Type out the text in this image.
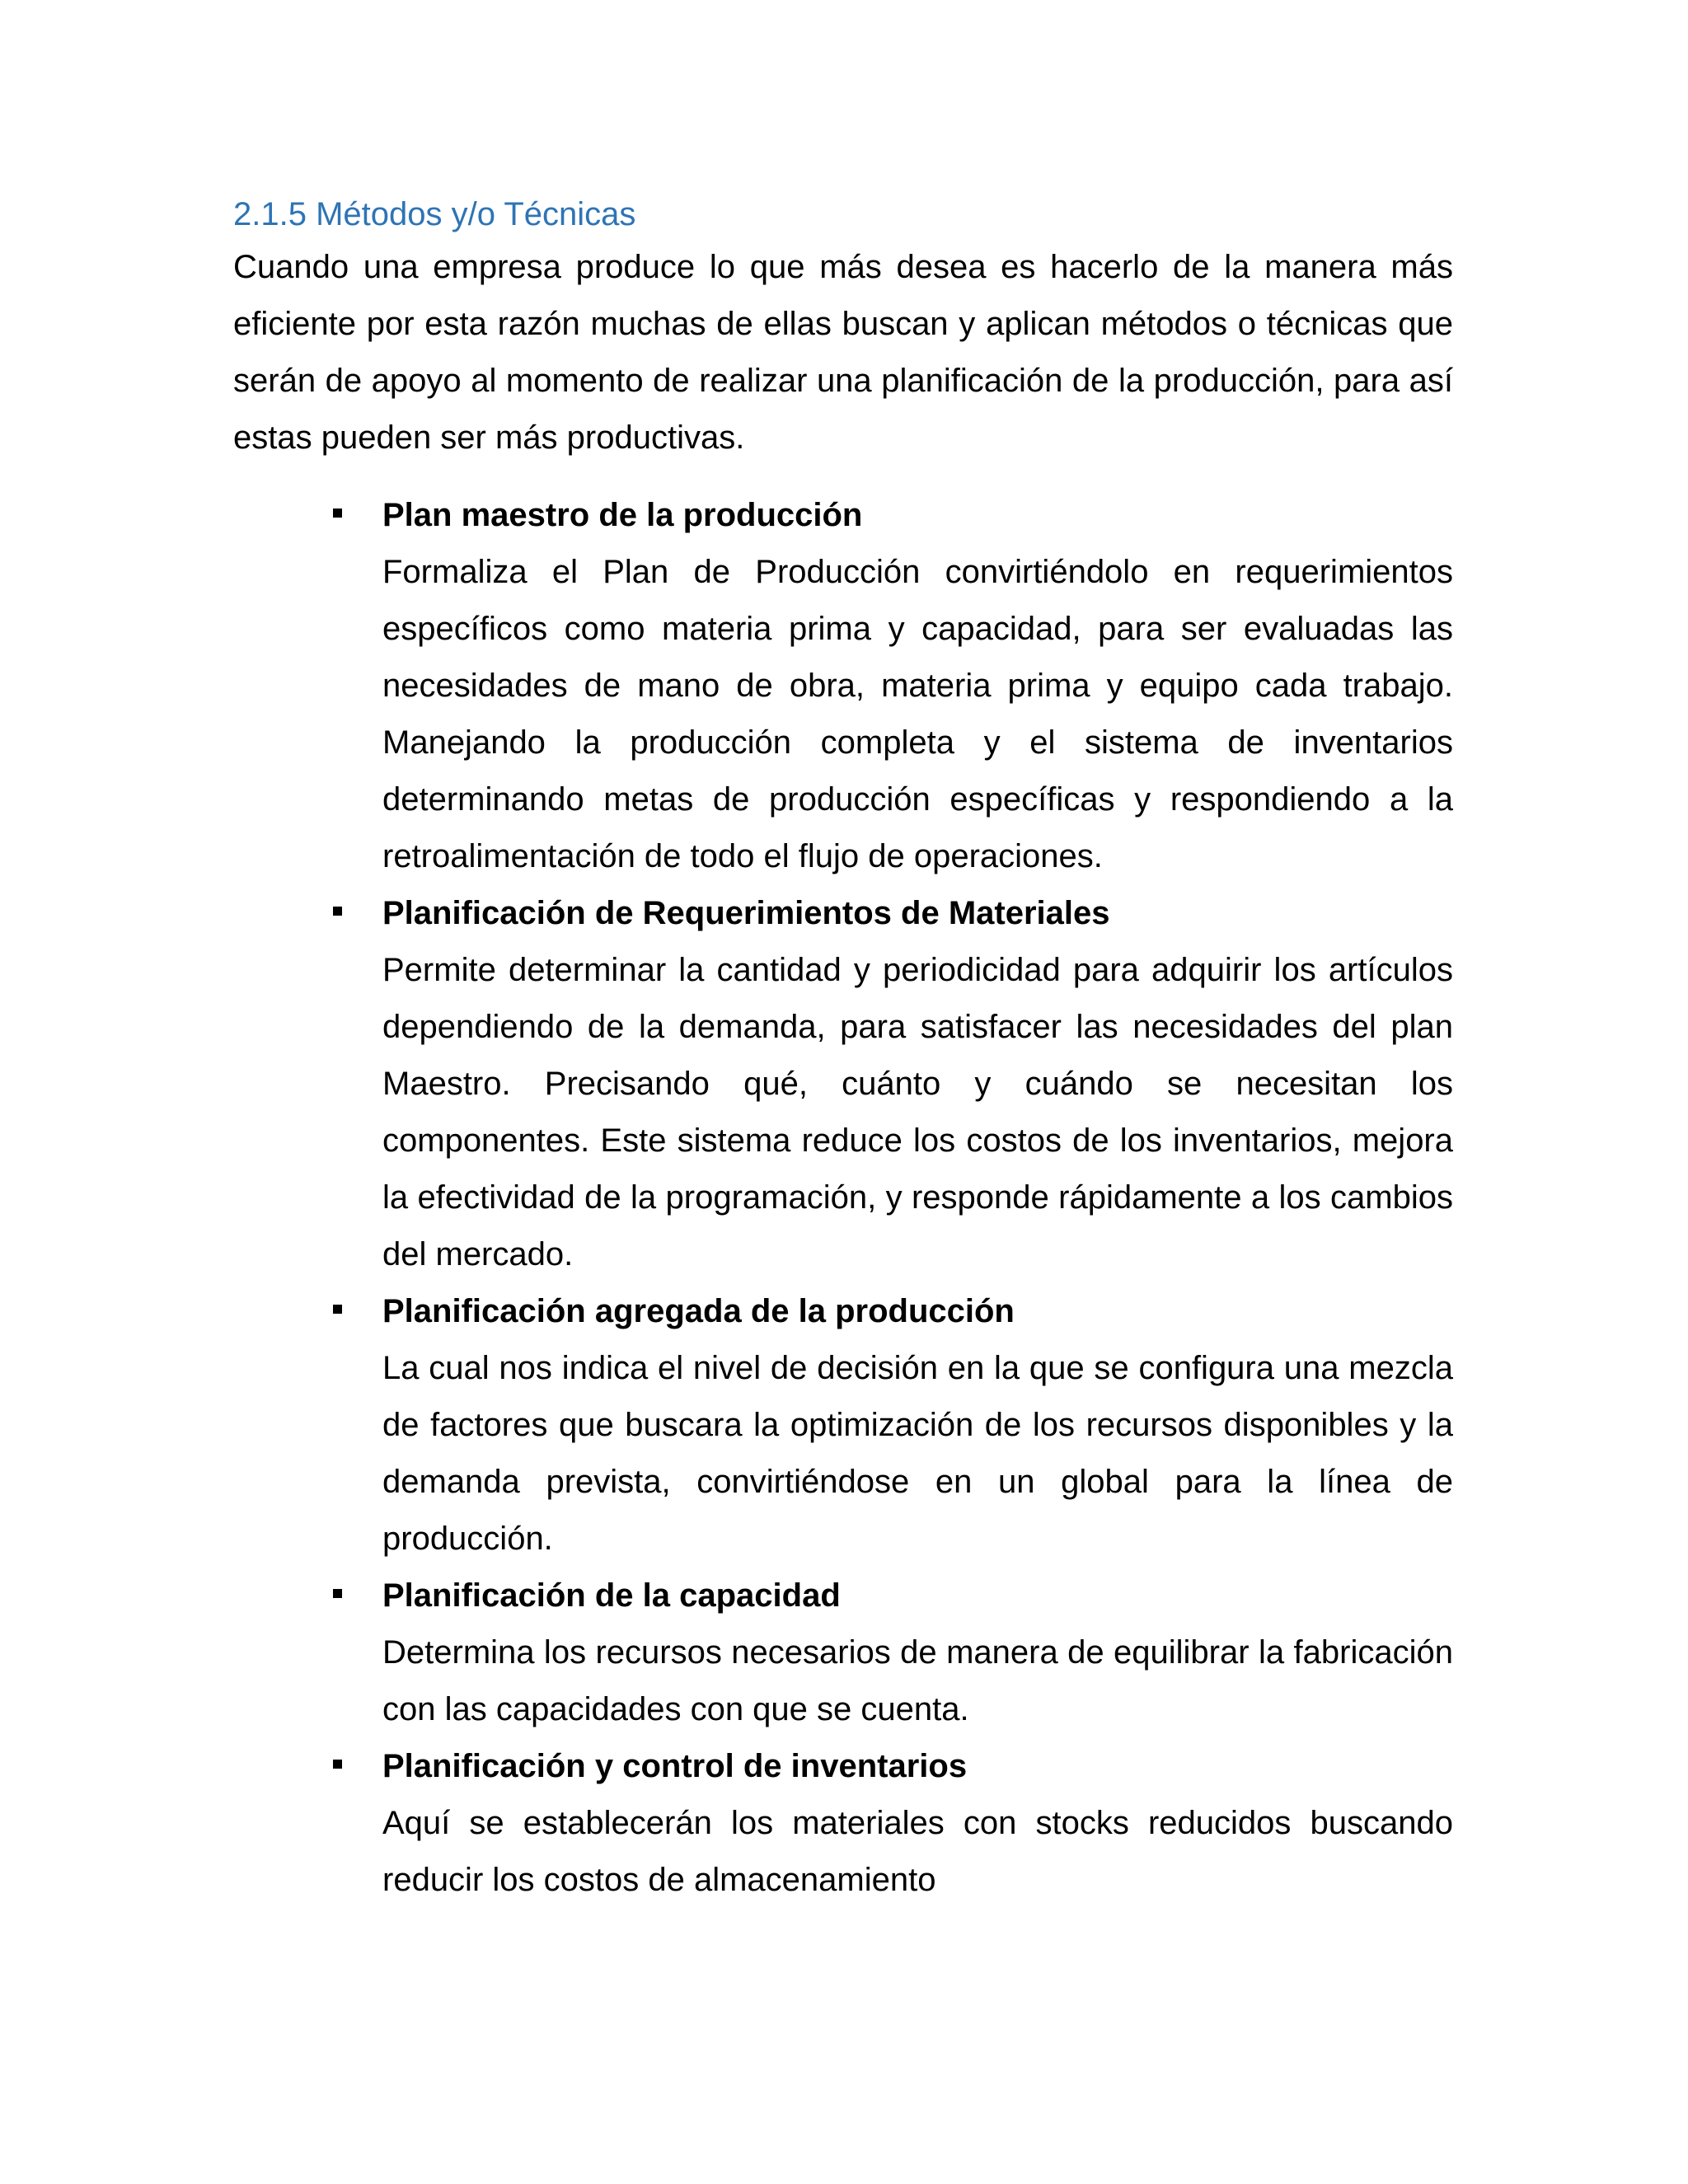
2.1.5 Métodos y/o Técnicas

Cuando una empresa produce lo que más desea es hacerlo de la manera más eficiente por esta razón muchas de ellas buscan y aplican métodos o técnicas que serán de apoyo al momento de realizar una planificación de la producción, para así estas pueden ser más productivas.

Plan maestro de la producción

Formaliza el Plan de Producción convirtiéndolo en requerimientos específicos como materia prima y capacidad, para ser evaluadas las necesidades de mano de obra, materia prima y equipo cada trabajo. Manejando la producción completa y el sistema de inventarios determinando metas de producción específicas y respondiendo a la retroalimentación de todo el flujo de operaciones.

Planificación de Requerimientos de Materiales

Permite determinar la cantidad y periodicidad para adquirir los artículos dependiendo de la demanda, para satisfacer las necesidades del plan Maestro. Precisando qué, cuánto y cuándo se necesitan los componentes. Este sistema reduce los costos de los inventarios, mejora la efectividad de la programación, y responde rápidamente a los cambios del mercado.

Planificación agregada de la producción

La cual nos indica el nivel de decisión en la que se configura una mezcla de factores que buscara la optimización de los recursos disponibles y la demanda prevista, convirtiéndose en un global para la línea de producción.

Planificación de la capacidad

Determina los recursos necesarios de manera de equilibrar la fabricación con las capacidades con que se cuenta.

Planificación y control de inventarios

Aquí se establecerán los materiales con stocks reducidos buscando reducir los costos de almacenamiento
